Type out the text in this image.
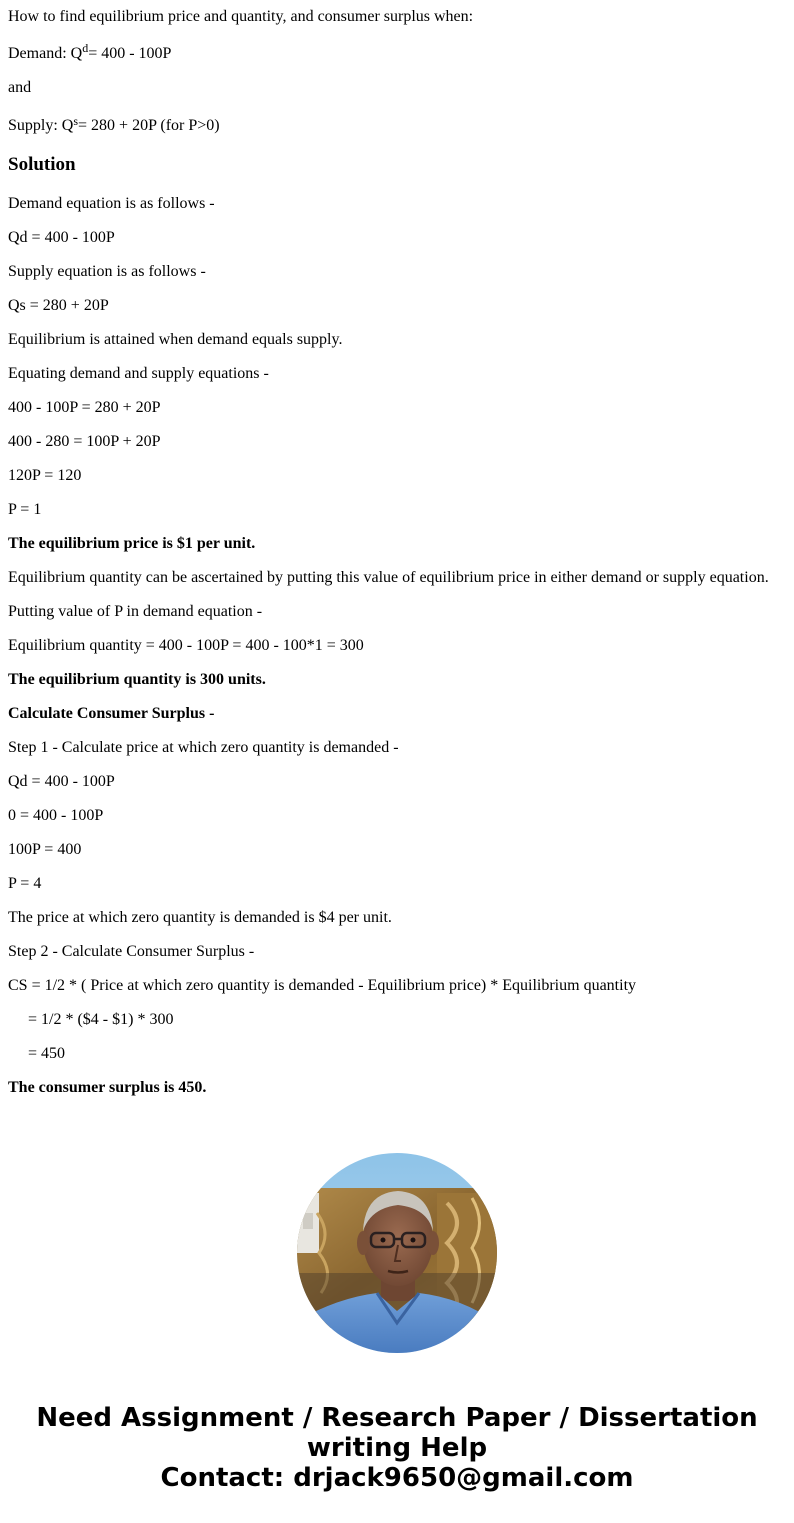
How to find equilibrium price and quantity, and consumer surplus when:

Demand: $Q^d= 400 - 100P$

and

Supply: $Q^s= 280 + 20P$ (for P>0)

Solution

Demand equation is as follows -

Qd = 400 - 100P

Supply equation is as follows -

Qs = 280 + 20P

Equilibrium is attained when demand equals supply.

Equating demand and supply equations -

400 - 100P = 280 + 20P

400 - 280 = 100P + 20P

120P = 120

P = 1

The equilibrium price is $1 per unit.

Equilibrium quantity can be ascertained by putting this value of equilibrium price in either demand or supply equation.

Putting value of P in demand equation -

Equilibrium quantity = 400 - 100P = 400 - 100*1 = 300

The equilibrium quantity is 300 units.

Calculate Consumer Surplus -

Step 1 - Calculate price at which zero quantity is demanded -

Qd = 400 - 100P

0 = 400 - 100P

100P = 400

P = 4

The price at which zero quantity is demanded is $4 per unit.

Step 2 - Calculate Consumer Surplus -

CS = 1/2 * ( Price at which zero quantity is demanded - Equilibrium price) * Equilibrium quantity

= 1/2 * ($4 - $1) * 300

= 450

The consumer surplus is 450.

Need Assignment / Research Paper / Dissertation
writing Help
Contact: drjack9650@gmail.com
